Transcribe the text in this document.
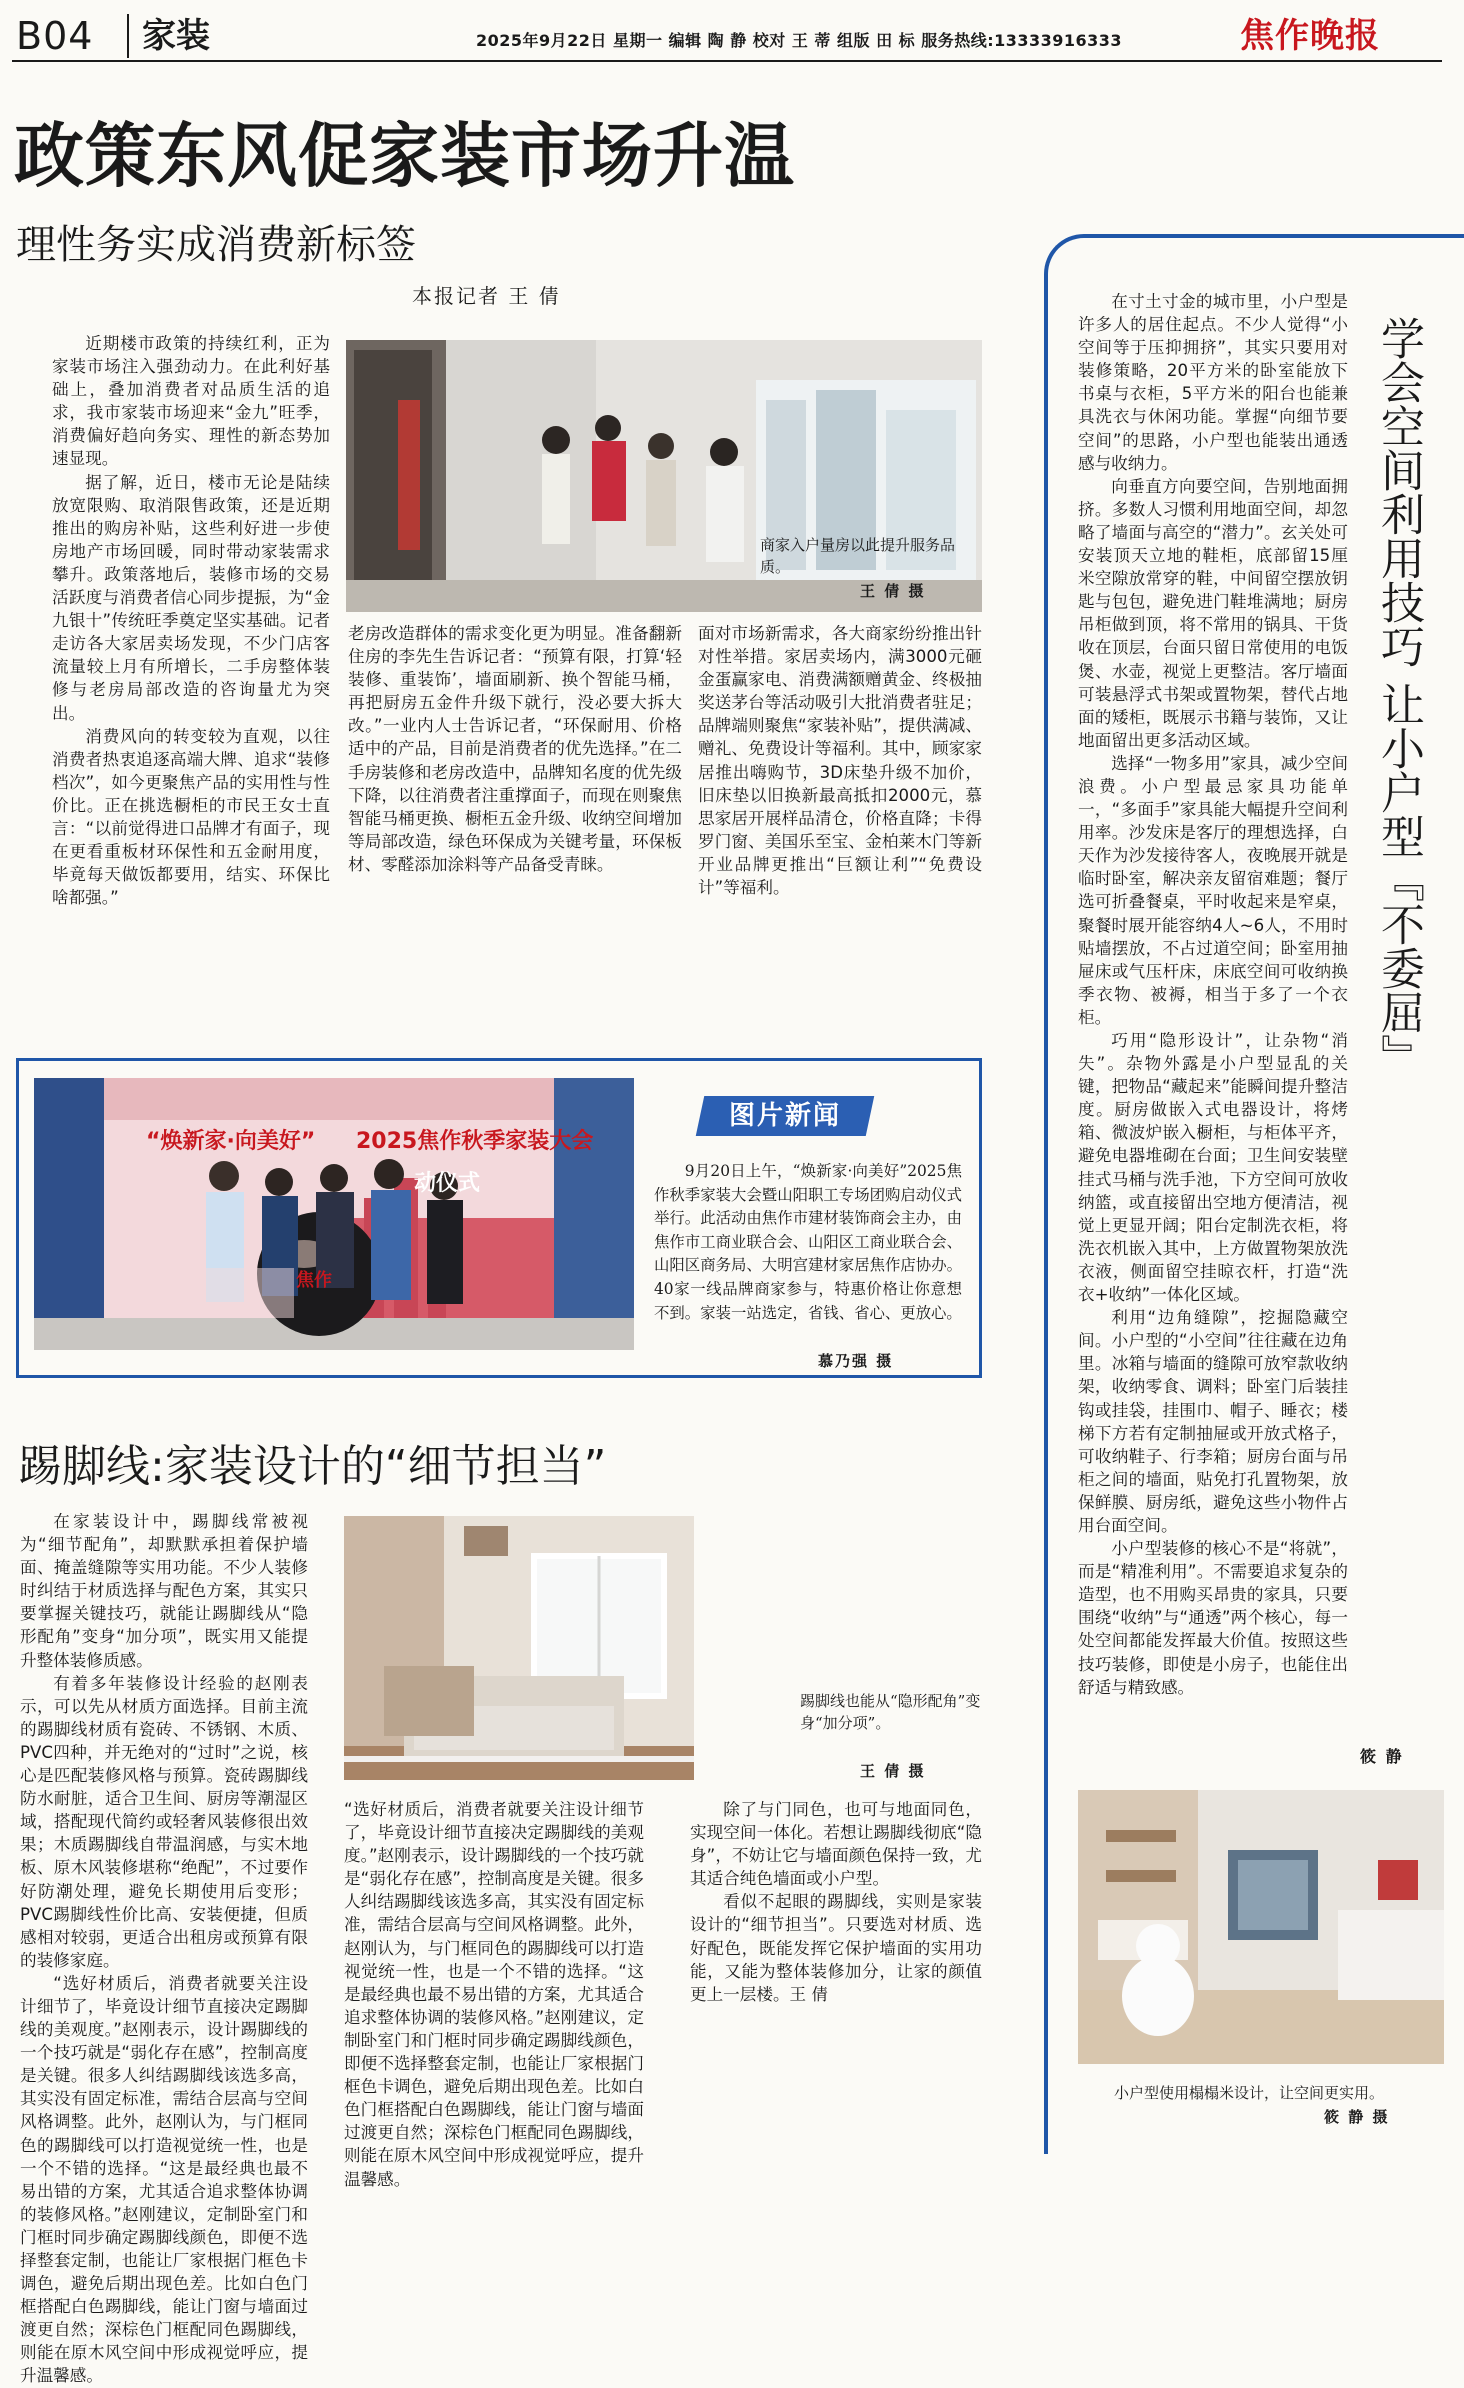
B04 家装	2025年9月22日 星期一 编辑 陶 静 校对 王 蒂 组版 田 标 服务热线:13333916333	焦作晚报
政策东风促家装市场升温
理性务实成消费新标签
本报记者 王 倩

近期楼市政策的持续红利，正为家装市场注入强劲动力。在此利好基础上，叠加消费者对品质生活的追求，我市家装市场迎来“金九”旺季，消费偏好趋向务实、理性的新态势加速显现。

据了解，近日，楼市无论是陆续放宽限购、取消限售政策，还是近期推出的购房补贴，这些利好进一步使房地产市场回暖，同时带动家装需求攀升。政策落地后，装修市场的交易活跃度与消费者信心同步提振，为“金九银十”传统旺季奠定坚实基础。记者走访各大家居卖场发现，不少门店客流量较上月有所增长，二手房整体装修与老房局部改造的咨询量尤为突出。

消费风向的转变较为直观，以往消费者热衷追逐高端大牌、追求“装修档次”，如今更聚焦产品的实用性与性价比。正在挑选橱柜的市民王女士直言：“以前觉得进口品牌才有面子，现在更看重板材环保性和五金耐用度，毕竟每天做饭都要用，结实、环保比啥都强。”

商家入户量房以此提升服务品质。
王 倩 摄

老房改造群体的需求变化更为明显。准备翻新住房的李先生告诉记者：“预算有限，打算‘轻装修、重装饰’，墙面刷新、换个智能马桶，再把厨房五金件升级下就行，没必要大拆大改。”一业内人士告诉记者，“环保耐用、价格适中的产品，目前是消费者的优先选择。”在二手房装修和老房改造中，品牌知名度的优先级下降，以往消费者注重撑面子，而现在则聚焦智能马桶更换、橱柜五金升级、收纳空间增加等局部改造，绿色环保成为关键考量，环保板材、零醛添加涂料等产品备受青睐。

面对市场新需求，各大商家纷纷推出针对性举措。家居卖场内，满3000元砸金蛋赢家电、消费满额赠黄金、终极抽奖送茅台等活动吸引大批消费者驻足；品牌端则聚焦“家装补贴”，提供满减、赠礼、免费设计等福利。其中，顾家家居推出嗨购节，3D床垫升级不加价，旧床垫以旧换新最高抵扣2000元，慕思家居开展样品清仓，价格直降；卡得罗门窗、美国乐至宝、金柏莱木门等新开业品牌更推出“巨额让利”“免费设计”等福利。

“焕新家·向美好” 2025焦作秋季家装大会
动仪式
焦作
图片新闻
9月20日上午，“焕新家·向美好”2025焦作秋季家装大会暨山阳职工专场团购启动仪式举行。此活动由焦作市建材装饰商会主办，由焦作市工商业联合会、山阳区工商业联合会、山阳区商务局、大明宫建材家居焦作店协办。40家一线品牌商家参与，特惠价格让你意想不到。家装一站选定，省钱、省心、更放心。
慕乃强 摄
踢脚线:家装设计的“细节担当”

在家装设计中，踢脚线常被视为“细节配角”，却默默承担着保护墙面、掩盖缝隙等实用功能。不少人装修时纠结于材质选择与配色方案，其实只要掌握关键技巧，就能让踢脚线从“隐形配角”变身“加分项”，既实用又能提升整体装修质感。

有着多年装修设计经验的赵刚表示，可以先从材质方面选择。目前主流的踢脚线材质有瓷砖、不锈钢、木质、PVC四种，并无绝对的“过时”之说，核心是匹配装修风格与预算。瓷砖踢脚线防水耐脏，适合卫生间、厨房等潮湿区域，搭配现代简约或轻奢风装修很出效果；木质踢脚线自带温润感，与实木地板、原木风装修堪称“绝配”，不过要作好防潮处理，避免长期使用后变形；PVC踢脚线性价比高、安装便捷，但质感相对较弱，更适合出租房或预算有限的装修家庭。

“选好材质后，消费者就要关注设计细节了，毕竟设计细节直接决定踢脚线的美观度。”赵刚表示，设计踢脚线的一个技巧就是“弱化存在感”，控制高度是关键。很多人纠结踢脚线该选多高，其实没有固定标准，需结合层高与空间风格调整。此外，赵刚认为，与门框同色的踢脚线可以打造视觉统一性，也是一个不错的选择。“这是最经典也最不易出错的方案，尤其适合追求整体协调的装修风格。”赵刚建议，定制卧室门和门框时同步确定踢脚线颜色，即便不选择整套定制，也能让厂家根据门框色卡调色，避免后期出现色差。比如白色门框搭配白色踢脚线，能让门窗与墙面过渡更自然；深棕色门框配同色踢脚线，则能在原木风空间中形成视觉呼应，提升温馨感。

踢脚线也能从“隐形配角”变身“加分项”。
王 倩 摄

“选好材质后，消费者就要关注设计细节了，毕竟设计细节直接决定踢脚线的美观度。”赵刚表示，设计踢脚线的一个技巧就是“弱化存在感”，控制高度是关键。很多人纠结踢脚线该选多高，其实没有固定标准，需结合层高与空间风格调整。此外，赵刚认为，与门框同色的踢脚线可以打造视觉统一性，也是一个不错的选择。“这是最经典也最不易出错的方案，尤其适合追求整体协调的装修风格。”赵刚建议，定制卧室门和门框时同步确定踢脚线颜色，即便不选择整套定制，也能让厂家根据门框色卡调色，避免后期出现色差。比如白色门框搭配白色踢脚线，能让门窗与墙面过渡更自然；深棕色门框配同色踢脚线，则能在原木风空间中形成视觉呼应，提升温馨感。

除了与门同色，也可与地面同色，实现空间一体化。若想让踢脚线彻底“隐身”，不妨让它与墙面颜色保持一致，尤其适合纯色墙面或小户型。

看似不起眼的踢脚线，实则是家装设计的“细节担当”。只要选对材质、选好配色，既能发挥它保护墙面的实用功能，又能为整体装修加分，让家的颜值更上一层楼。王 倩

在寸土寸金的城市里，小户型是许多人的居住起点。不少人觉得“小空间等于压抑拥挤”，其实只要用对装修策略，20平方米的卧室能放下书桌与衣柜，5平方米的阳台也能兼具洗衣与休闲功能。掌握“向细节要空间”的思路，小户型也能装出通透感与收纳力。

向垂直方向要空间，告别地面拥挤。多数人习惯利用地面空间，却忽略了墙面与高空的“潜力”。玄关处可安装顶天立地的鞋柜，底部留15厘米空隙放常穿的鞋，中间留空摆放钥匙与包包，避免进门鞋堆满地；厨房吊柜做到顶，将不常用的锅具、干货收在顶层，台面只留日常使用的电饭煲、水壶，视觉上更整洁。客厅墙面可装悬浮式书架或置物架，替代占地面的矮柜，既展示书籍与装饰，又让地面留出更多活动区域。

选择“一物多用”家具，减少空间浪费。小户型最忌家具功能单一，“多面手”家具能大幅提升空间利用率。沙发床是客厅的理想选择，白天作为沙发接待客人，夜晚展开就是临时卧室，解决亲友留宿难题；餐厅选可折叠餐桌，平时收起来是窄桌，聚餐时展开能容纳4人~6人，不用时贴墙摆放，不占过道空间；卧室用抽屉床或气压杆床，床底空间可收纳换季衣物、被褥，相当于多了一个衣柜。

巧用“隐形设计”，让杂物“消失”。杂物外露是小户型显乱的关键，把物品“藏起来”能瞬间提升整洁度。厨房做嵌入式电器设计，将烤箱、微波炉嵌入橱柜，与柜体平齐，避免电器堆砌在台面；卫生间安装壁挂式马桶与洗手池，下方空间可放收纳篮，或直接留出空地方便清洁，视觉上更显开阔；阳台定制洗衣柜，将洗衣机嵌入其中，上方做置物架放洗衣液，侧面留空挂晾衣杆，打造“洗衣+收纳”一体化区域。

利用“边角缝隙”，挖掘隐藏空间。小户型的“小空间”往往藏在边角里。冰箱与墙面的缝隙可放窄款收纳架，收纳零食、调料；卧室门后装挂钩或挂袋，挂围巾、帽子、睡衣；楼梯下方若有定制抽屉或开放式格子，可收纳鞋子、行李箱；厨房台面与吊柜之间的墙面，贴免打孔置物架，放保鲜膜、厨房纸，避免这些小物件占用台面空间。

小户型装修的核心不是“将就”，而是“精准利用”。不需要追求复杂的造型，也不用购买昂贵的家具，只要围绕“收纳”与“通透”两个核心，每一处空间都能发挥最大价值。按照这些技巧装修，即使是小房子，也能住出舒适与精致感。

筱 静
学会空间利用技巧 让小户型『不委屈』
小户型使用榻榻米设计，让空间更实用。
筱 静 摄
